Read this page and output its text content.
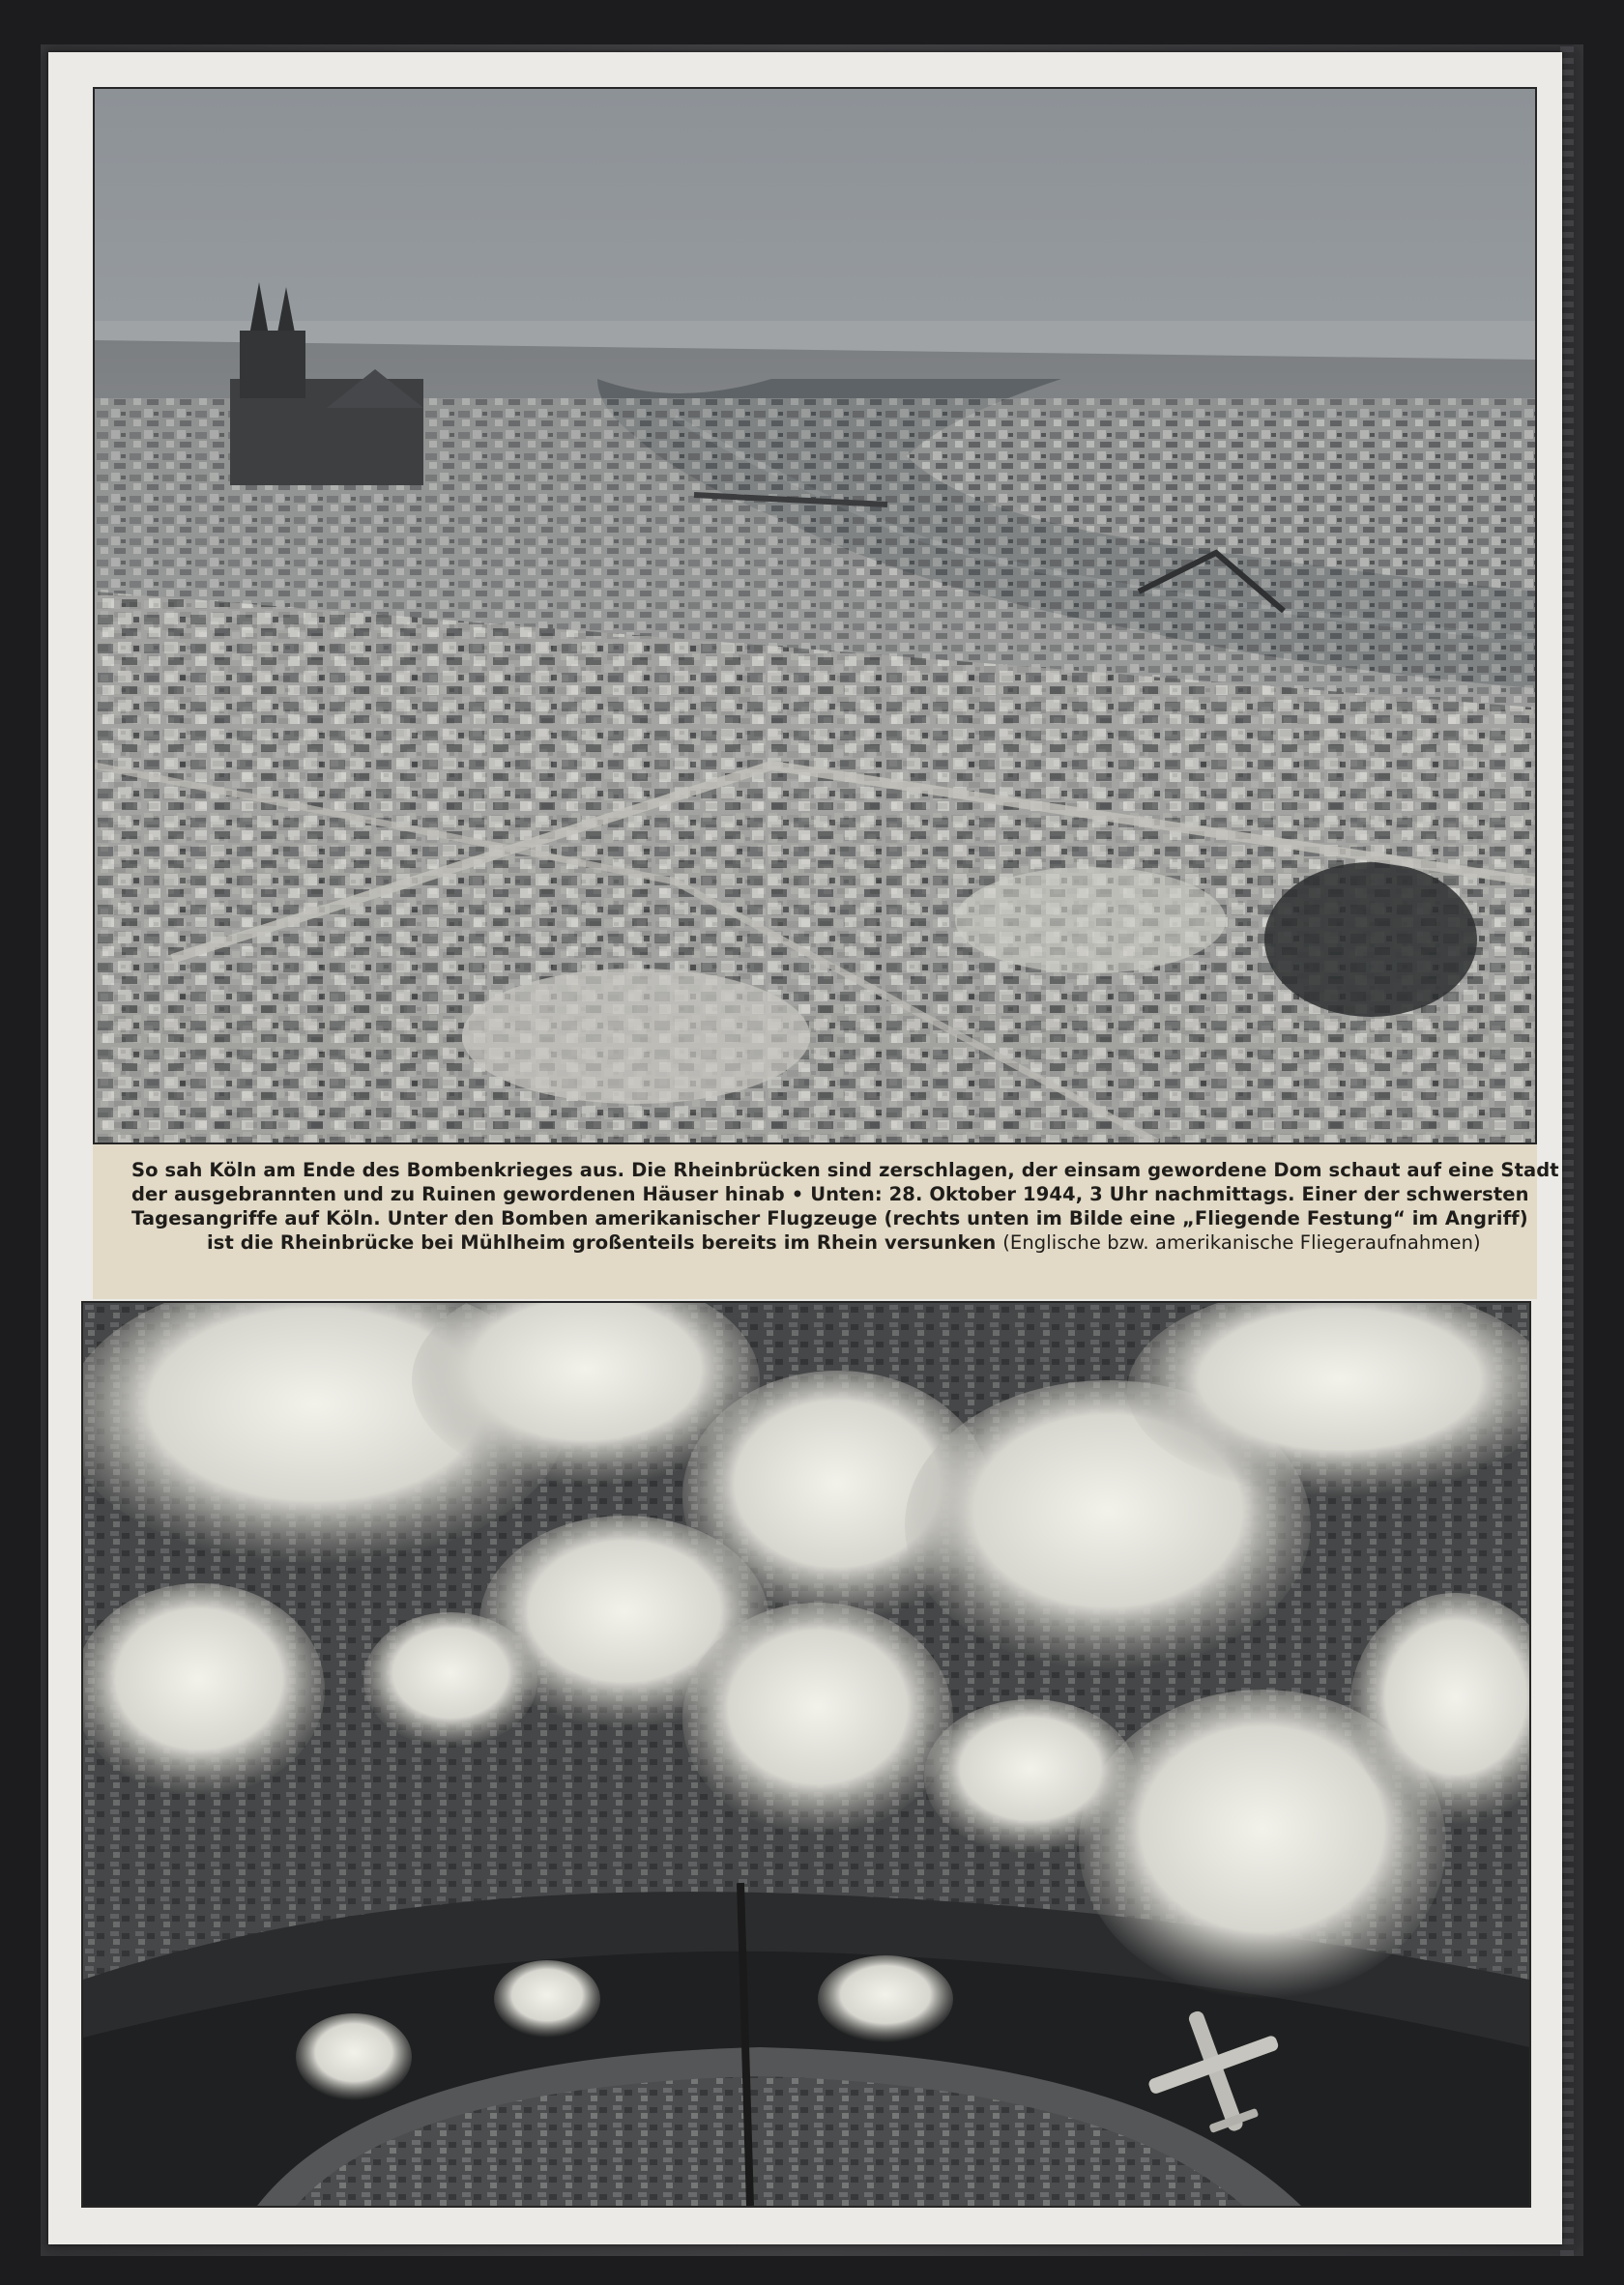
So sah Köln am Ende des Bombenkrieges aus. Die Rheinbrücken sind zerschlagen, der einsam gewordene Dom schaut auf eine Stadt
der ausgebrannten und zu Ruinen gewordenen Häuser hinab • Unten: 28. Oktober 1944, 3 Uhr nachmittags. Einer der schwersten
Tagesangriffe auf Köln. Unter den Bomben amerikanischer Flugzeuge (rechts unten im Bilde eine „Fliegende Festung“ im Angriff)
ist die Rheinbrücke bei Mühlheim großenteils bereits im Rhein versunken (Englische bzw. amerikanische Fliegeraufnahmen)
